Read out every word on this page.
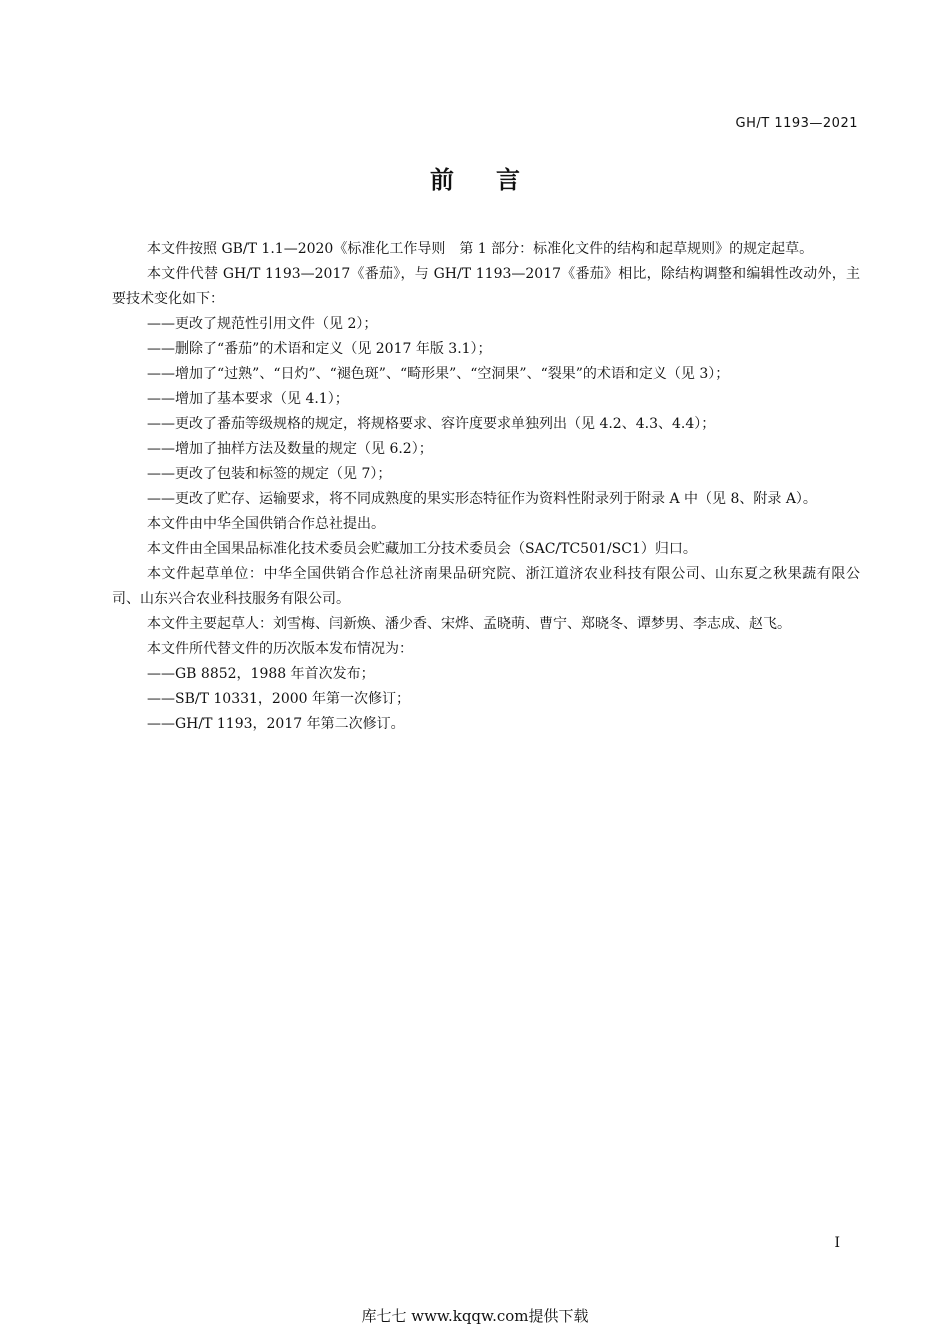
GH/T 1193—2021
前言

本文件按照 GB/T 1.1—2020《标准化工作导则　第 1 部分：标准化文件的结构和起草规则》的规定起草。

本文件代替 GH/T 1193—2017《番茄》，与 GH/T 1193—2017《番茄》相比，除结构调整和编辑性改动外，主要技术变化如下：

——更改了规范性引用文件（见 2）；

——删除了“番茄”的术语和定义（见 2017 年版 3.1）；

——增加了“过熟”、“日灼”、“褪色斑”、“畸形果”、“空洞果”、“裂果”的术语和定义（见 3）；

——增加了基本要求（见 4.1）；

——更改了番茄等级规格的规定，将规格要求、容许度要求单独列出（见 4.2、4.3、4.4）；

——增加了抽样方法及数量的规定（见 6.2）；

——更改了包装和标签的规定（见 7）；

——更改了贮存、运输要求，将不同成熟度的果实形态特征作为资料性附录列于附录 A 中（见 8、附录 A）。

本文件由中华全国供销合作总社提出。

本文件由全国果品标准化技术委员会贮藏加工分技术委员会（SAC/TC501/SC1）归口。

本文件起草单位：中华全国供销合作总社济南果品研究院、浙江道济农业科技有限公司、山东夏之秋果蔬有限公司、山东兴合农业科技服务有限公司。

本文件主要起草人：刘雪梅、闫新焕、潘少香、宋烨、孟晓萌、曹宁、郑晓冬、谭梦男、李志成、赵飞。

本文件所代替文件的历次版本发布情况为：

——GB 8852，1988 年首次发布；

——SB/T 10331，2000 年第一次修订；

——GH/T 1193，2017 年第二次修订。

I
库七七 www.kqqw.com提供下载
